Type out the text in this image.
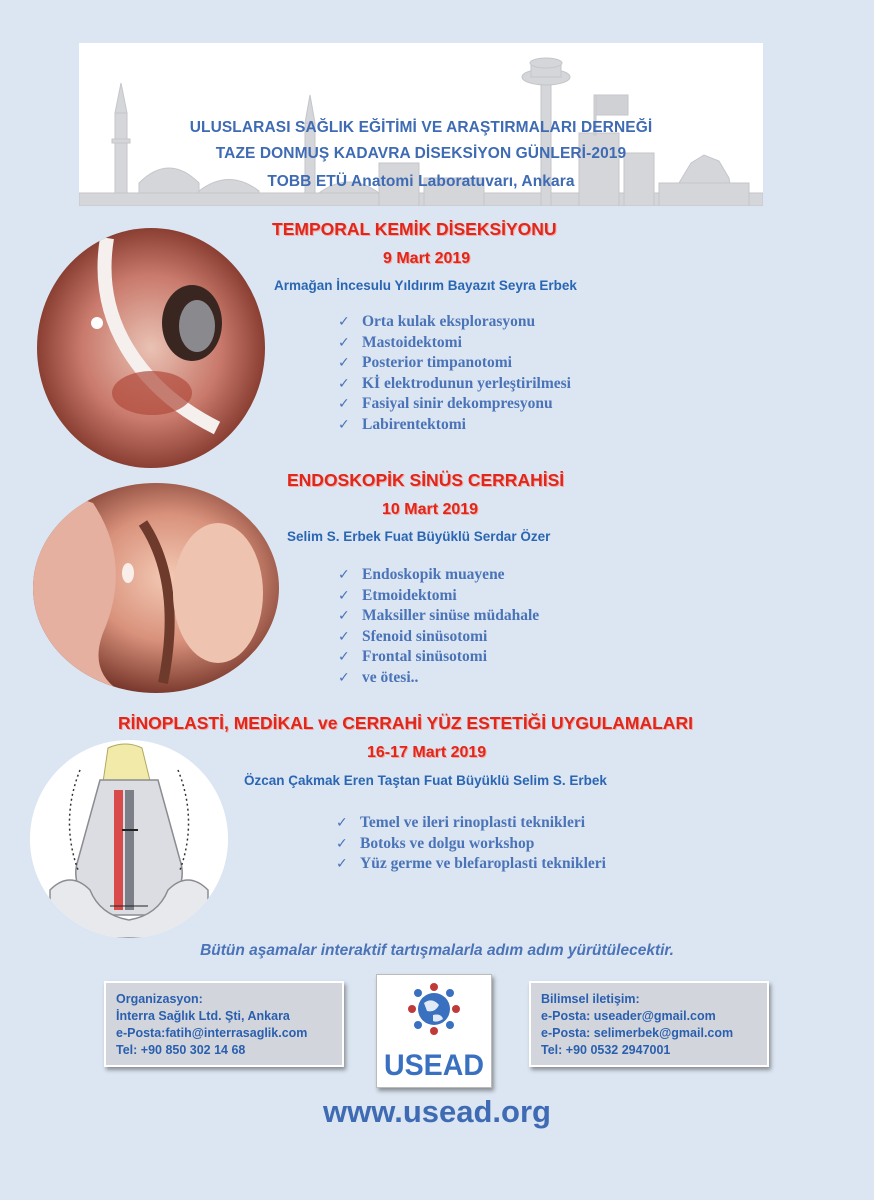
ULUSLARASI SAĞLIK EĞİTİMİ VE ARAŞTIRMALARI DERNEĞİ
TAZE DONMUŞ KADAVRA DİSEKSİYON GÜNLERİ-2019
TOBB ETÜ Anatomi Laboratuvarı, Ankara
TEMPORAL KEMİK DİSEKSİYONU
9 Mart 2019
Armağan İncesulu Yıldırım Bayazıt Seyra Erbek
✓ Orta kulak eksplorasyonu
✓ Mastoidektomi
✓ Posterior timpanotomi
✓ Kİ elektrodunun yerleştirilmesi
✓ Fasiyal sinir dekompresyonu
✓ Labirentektomi
ENDOSKOPİK SİNÜS CERRAHİSİ
10 Mart 2019
Selim S. Erbek Fuat Büyüklü Serdar Özer
✓ Endoskopik muayene
✓ Etmoidektomi
✓ Maksiller sinüse müdahale
✓ Sfenoid sinüsotomi
✓ Frontal sinüsotomi
✓ ve ötesi..
RİNOPLASTİ, MEDİKAL ve CERRAHİ YÜZ ESTETİĞİ UYGULAMALARI
16-17 Mart 2019
Özcan Çakmak Eren Taştan Fuat Büyüklü Selim S. Erbek
✓ Temel ve ileri rinoplasti teknikleri
✓ Botoks ve dolgu workshop
✓ Yüz germe ve blefaroplasti teknikleri
Bütün aşamalar interaktif tartışmalarla adım adım yürütülecektir.
Organizasyon:
İnterra Sağlık Ltd. Şti, Ankara
e-Posta:fatih@interrasaglik.com
Tel: +90 850 302 14 68	USEAD
Bilimsel iletişim:
e-Posta: useader@gmail.com
e-Posta: selimerbek@gmail.com
Tel: +90 0532 2947001
www.usead.org
